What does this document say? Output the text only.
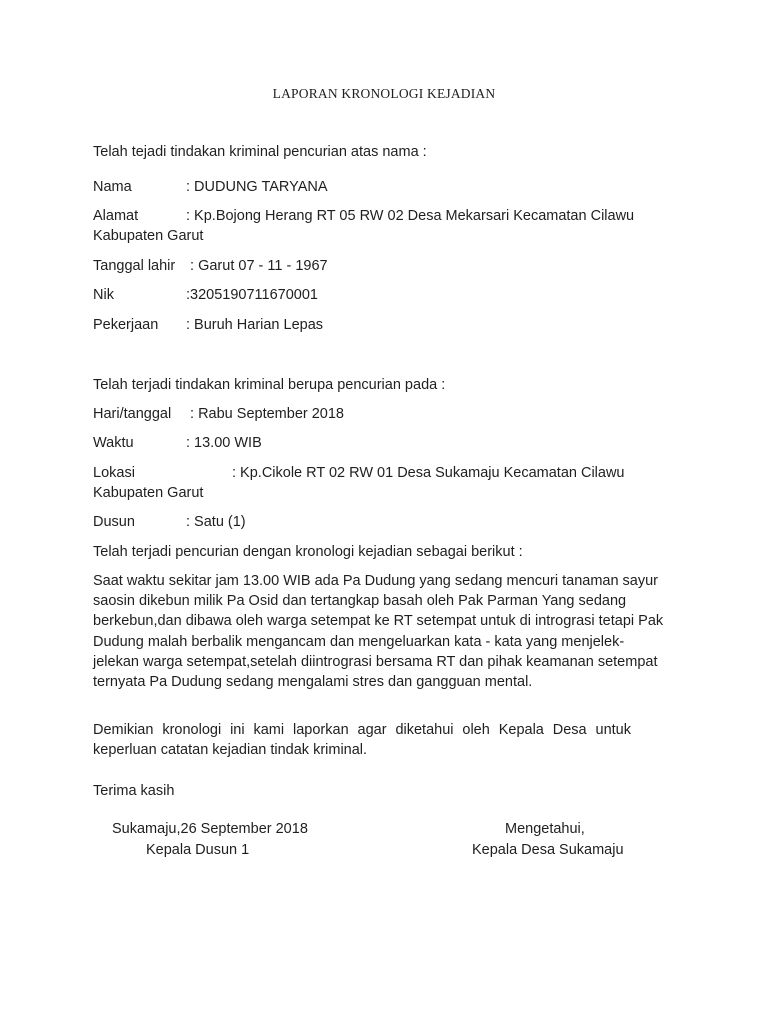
LAPORAN KRONOLOGI KEJADIAN
Telah tejadi tindakan kriminal pencurian atas nama :
Nama	: DUDUNG TARYANA
Alamat	: Kp.Bojong Herang RT 05 RW 02 Desa Mekarsari Kecamatan Cilawu
Kabupaten Garut
Tanggal lahir : Garut 07 - 11 - 1967
Nik	:3205190711670001
Pekerjaan : Buruh Harian Lepas
Telah terjadi tindakan kriminal berupa pencurian pada :
Hari/tanggal : Rabu September 2018
Waktu	: 13.00 WIB
Lokasi	: Kp.Cikole RT 02 RW 01 Desa Sukamaju Kecamatan Cilawu
Kabupaten Garut
Dusun	: Satu (1)
Telah terjadi pencurian dengan kronologi kejadian sebagai berikut :
Saat waktu sekitar jam 13.00 WIB ada Pa Dudung yang sedang mencuri tanaman sayur
saosin dikebun milik Pa Osid dan tertangkap basah oleh Pak Parman Yang sedang
berkebun,dan dibawa oleh warga setempat ke RT setempat untuk di intrograsi tetapi Pak
Dudung malah berbalik mengancam dan mengeluarkan kata - kata yang menjelek-
jelekan warga setempat,setelah diintrograsi bersama RT dan pihak keamanan setempat
ternyata Pa Dudung sedang mengalami stres dan gangguan mental.
Demikian kronologi ini kami laporkan agar diketahui oleh Kepala Desa untuk
keperluan catatan kejadian tindak kriminal.
Terima kasih
Sukamaju,26 September 2018
Kepala Dusun 1
Mengetahui,
Kepala Desa Sukamaju
